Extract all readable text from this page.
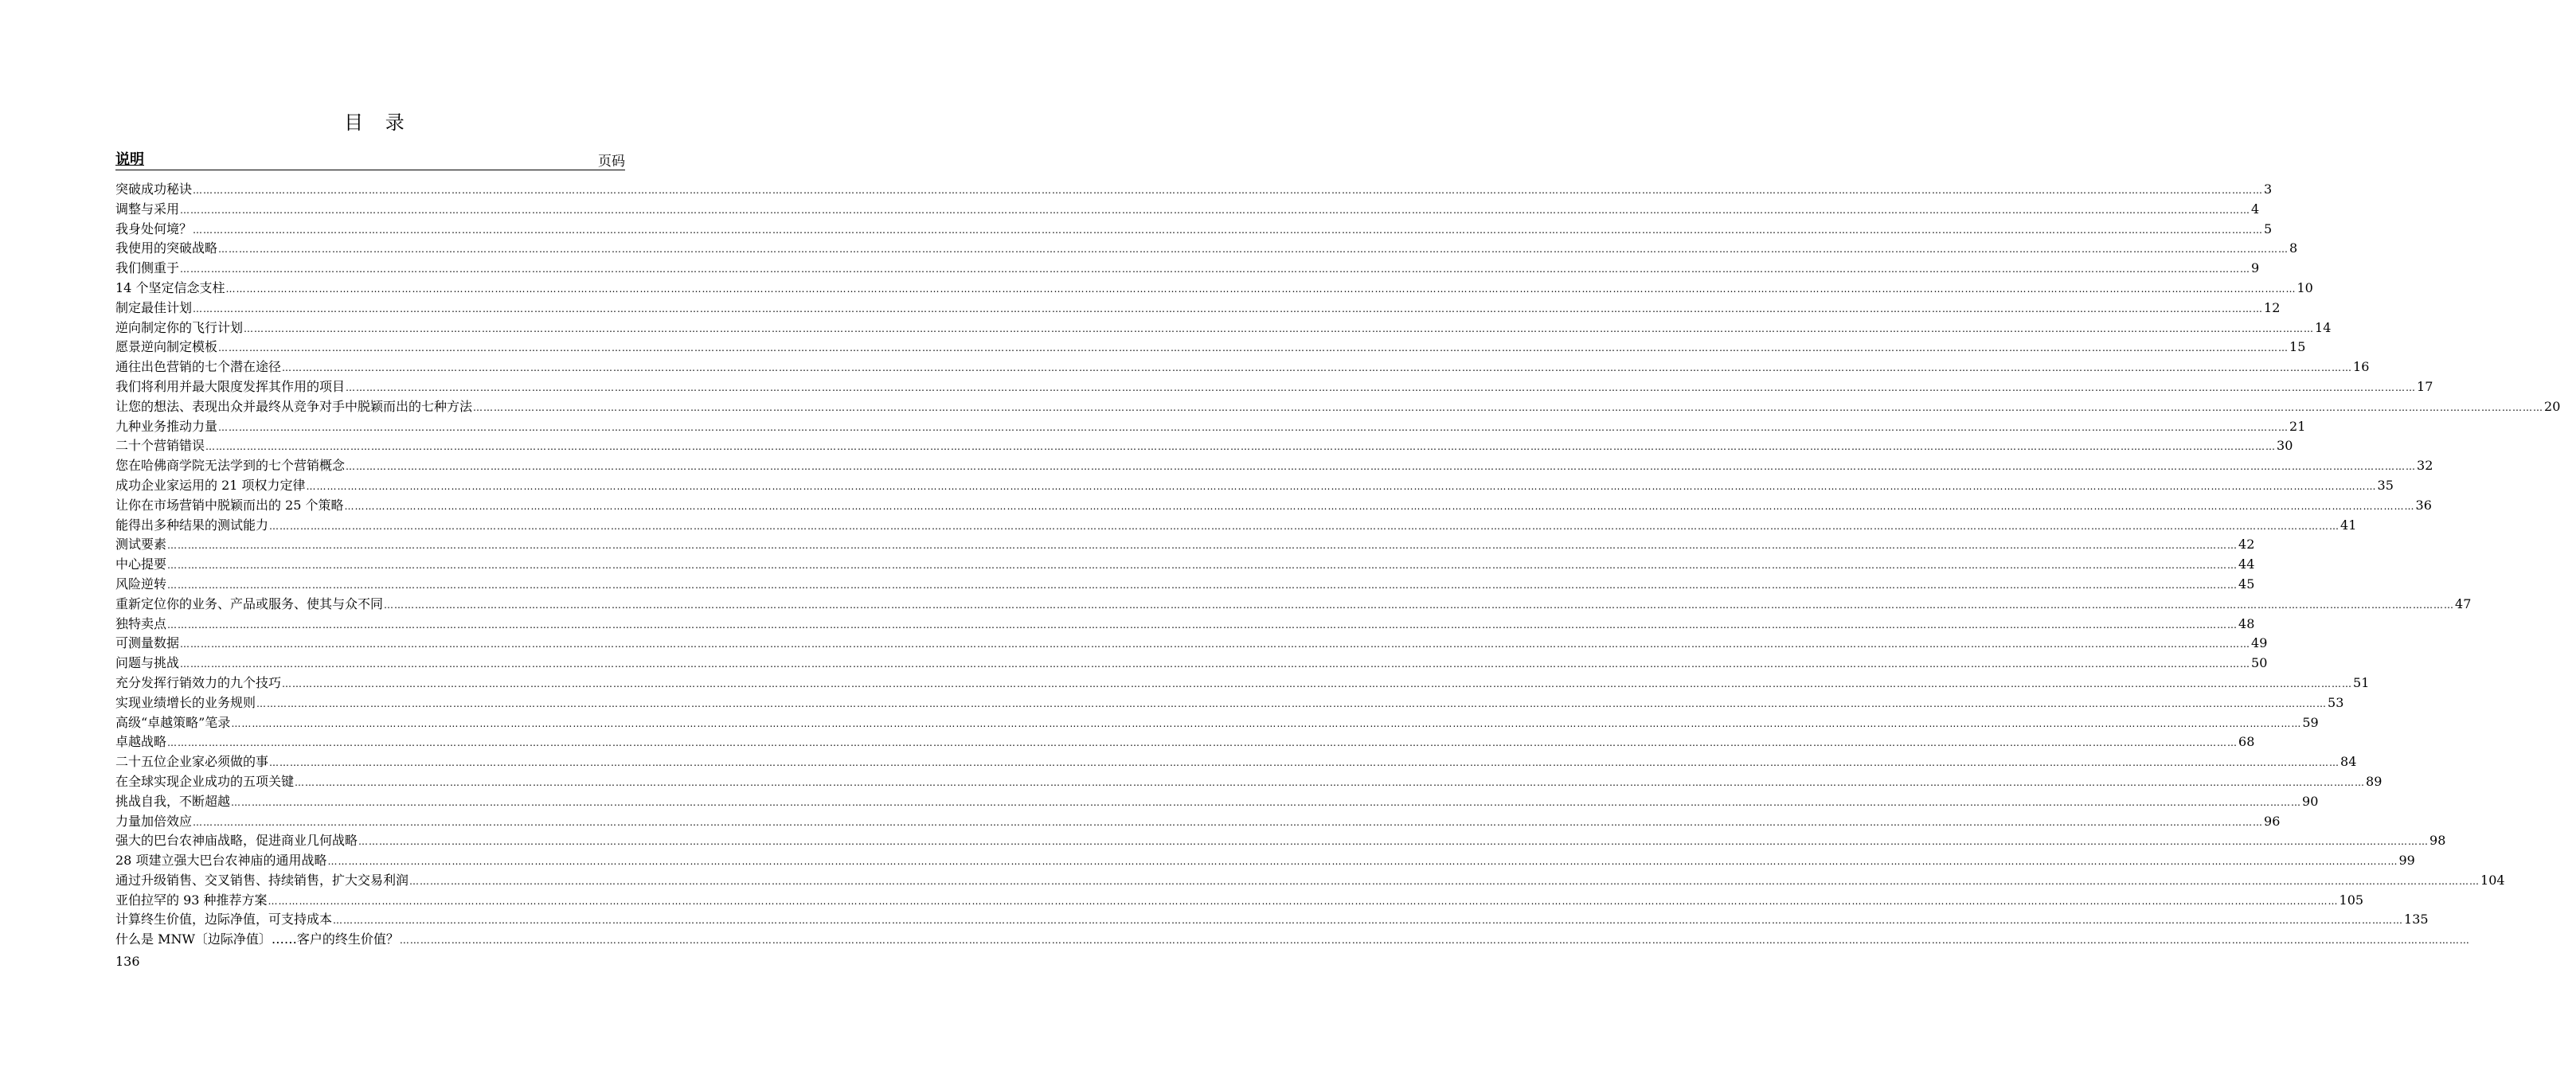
目 录
说明	页码
突破成功秘诀 …………………………………………………………………………………………………………………………………………………………………………………………………………………………………………………………………………………………………………………………………………………………………………………………………………………………………………………………………………………………………………………………………………………… 3
调整与采用 …………………………………………………………………………………………………………………………………………………………………………………………………………………………………………………………………………………………………………………………………………………………………………………………………………………………………………………………………………………………………………………………………………………… 4
我身处何境？ …………………………………………………………………………………………………………………………………………………………………………………………………………………………………………………………………………………………………………………………………………………………………………………………………………………………………………………………………………………………………………………………………………………… 5
我使用的突破战略 …………………………………………………………………………………………………………………………………………………………………………………………………………………………………………………………………………………………………………………………………………………………………………………………………………………………………………………………………………………………………………………………………………………… 8
我们侧重于 …………………………………………………………………………………………………………………………………………………………………………………………………………………………………………………………………………………………………………………………………………………………………………………………………………………………………………………………………………………………………………………………………………………… 9
14 个坚定信念支柱 …………………………………………………………………………………………………………………………………………………………………………………………………………………………………………………………………………………………………………………………………………………………………………………………………………………………………………………………………………………………………………………………………………………… 10
制定最佳计划 …………………………………………………………………………………………………………………………………………………………………………………………………………………………………………………………………………………………………………………………………………………………………………………………………………………………………………………………………………………………………………………………………………………… 12
逆向制定你的飞行计划 …………………………………………………………………………………………………………………………………………………………………………………………………………………………………………………………………………………………………………………………………………………………………………………………………………………………………………………………………………………………………………………………………………………… 14
愿景逆向制定模板 …………………………………………………………………………………………………………………………………………………………………………………………………………………………………………………………………………………………………………………………………………………………………………………………………………………………………………………………………………………………………………………………………………………… 15
通往出色营销的七个潜在途径 …………………………………………………………………………………………………………………………………………………………………………………………………………………………………………………………………………………………………………………………………………………………………………………………………………………………………………………………………………………………………………………………………………………… 16
我们将利用并最大限度发挥其作用的项目 …………………………………………………………………………………………………………………………………………………………………………………………………………………………………………………………………………………………………………………………………………………………………………………………………………………………………………………………………………………………………………………………………………………… 17
让您的想法、表现出众并最终从竞争对手中脱颖而出的七种方法 …………………………………………………………………………………………………………………………………………………………………………………………………………………………………………………………………………………………………………………………………………………………………………………………………………………………………………………………………………………………………………………………………………………… 20
九种业务推动力量 …………………………………………………………………………………………………………………………………………………………………………………………………………………………………………………………………………………………………………………………………………………………………………………………………………………………………………………………………………………………………………………………………………………… 21
二十个营销错误 …………………………………………………………………………………………………………………………………………………………………………………………………………………………………………………………………………………………………………………………………………………………………………………………………………………………………………………………………………………………………………………………………………………… 30
您在哈佛商学院无法学到的七个营销概念 …………………………………………………………………………………………………………………………………………………………………………………………………………………………………………………………………………………………………………………………………………………………………………………………………………………………………………………………………………………………………………………………………………………… 32
成功企业家运用的 21 项权力定律 …………………………………………………………………………………………………………………………………………………………………………………………………………………………………………………………………………………………………………………………………………………………………………………………………………………………………………………………………………………………………………………………………………………… 35
让你在市场营销中脱颖而出的 25 个策略 …………………………………………………………………………………………………………………………………………………………………………………………………………………………………………………………………………………………………………………………………………………………………………………………………………………………………………………………………………………………………………………………………………………… 36
能得出多种结果的测试能力 …………………………………………………………………………………………………………………………………………………………………………………………………………………………………………………………………………………………………………………………………………………………………………………………………………………………………………………………………………………………………………………………………………………… 41
测试要素 …………………………………………………………………………………………………………………………………………………………………………………………………………………………………………………………………………………………………………………………………………………………………………………………………………………………………………………………………………………………………………………………………………………… 42
中心提要 …………………………………………………………………………………………………………………………………………………………………………………………………………………………………………………………………………………………………………………………………………………………………………………………………………………………………………………………………………………………………………………………………………………… 44
风险逆转 …………………………………………………………………………………………………………………………………………………………………………………………………………………………………………………………………………………………………………………………………………………………………………………………………………………………………………………………………………………………………………………………………………………… 45
重新定位你的业务、产品或服务、使其与众不同 …………………………………………………………………………………………………………………………………………………………………………………………………………………………………………………………………………………………………………………………………………………………………………………………………………………………………………………………………………………………………………………………………………………… 47
独特卖点 …………………………………………………………………………………………………………………………………………………………………………………………………………………………………………………………………………………………………………………………………………………………………………………………………………………………………………………………………………………………………………………………………………………… 48
可测量数据 …………………………………………………………………………………………………………………………………………………………………………………………………………………………………………………………………………………………………………………………………………………………………………………………………………………………………………………………………………………………………………………………………………………… 49
问题与挑战 …………………………………………………………………………………………………………………………………………………………………………………………………………………………………………………………………………………………………………………………………………………………………………………………………………………………………………………………………………………………………………………………………………………… 50
充分发挥行销效力的九个技巧 …………………………………………………………………………………………………………………………………………………………………………………………………………………………………………………………………………………………………………………………………………………………………………………………………………………………………………………………………………………………………………………………………………………… 51
实现业绩增长的业务规则 …………………………………………………………………………………………………………………………………………………………………………………………………………………………………………………………………………………………………………………………………………………………………………………………………………………………………………………………………………………………………………………………………………………… 53
高级“卓越策略”笔录 …………………………………………………………………………………………………………………………………………………………………………………………………………………………………………………………………………………………………………………………………………………………………………………………………………………………………………………………………………………………………………………………………………………… 59
卓越战略 …………………………………………………………………………………………………………………………………………………………………………………………………………………………………………………………………………………………………………………………………………………………………………………………………………………………………………………………………………………………………………………………………………………… 68
二十五位企业家必须做的事 …………………………………………………………………………………………………………………………………………………………………………………………………………………………………………………………………………………………………………………………………………………………………………………………………………………………………………………………………………………………………………………………………………………… 84
在全球实现企业成功的五项关键 …………………………………………………………………………………………………………………………………………………………………………………………………………………………………………………………………………………………………………………………………………………………………………………………………………………………………………………………………………………………………………………………………………………… 89
挑战自我，不断超越 …………………………………………………………………………………………………………………………………………………………………………………………………………………………………………………………………………………………………………………………………………………………………………………………………………………………………………………………………………………………………………………………………………………… 90
力量加倍效应 …………………………………………………………………………………………………………………………………………………………………………………………………………………………………………………………………………………………………………………………………………………………………………………………………………………………………………………………………………………………………………………………………………………… 96
强大的巴台农神庙战略，促进商业几何战略 …………………………………………………………………………………………………………………………………………………………………………………………………………………………………………………………………………………………………………………………………………………………………………………………………………………………………………………………………………………………………………………………………………………… 98
28 项建立强大巴台农神庙的通用战略 …………………………………………………………………………………………………………………………………………………………………………………………………………………………………………………………………………………………………………………………………………………………………………………………………………………………………………………………………………………………………………………………………………………… 99
通过升级销售、交叉销售、持续销售，扩大交易利润 …………………………………………………………………………………………………………………………………………………………………………………………………………………………………………………………………………………………………………………………………………………………………………………………………………………………………………………………………………………………………………………………………………………… 104
亚伯拉罕的 93 种推荐方案 …………………………………………………………………………………………………………………………………………………………………………………………………………………………………………………………………………………………………………………………………………………………………………………………………………………………………………………………………………………………………………………………………………………… 105
计算终生价值，边际净值，可支持成本 …………………………………………………………………………………………………………………………………………………………………………………………………………………………………………………………………………………………………………………………………………………………………………………………………………………………………………………………………………………………………………………………………………………… 135
什么是 MNW〔边际净值〕……客户的终生价值？ ……………………………………………………………………………………………………………………………………………………………………………………………………………………………………………………………………………………………………………………………………………………………………………………………………………………………………………………………………………………………………………………………………………………
136
